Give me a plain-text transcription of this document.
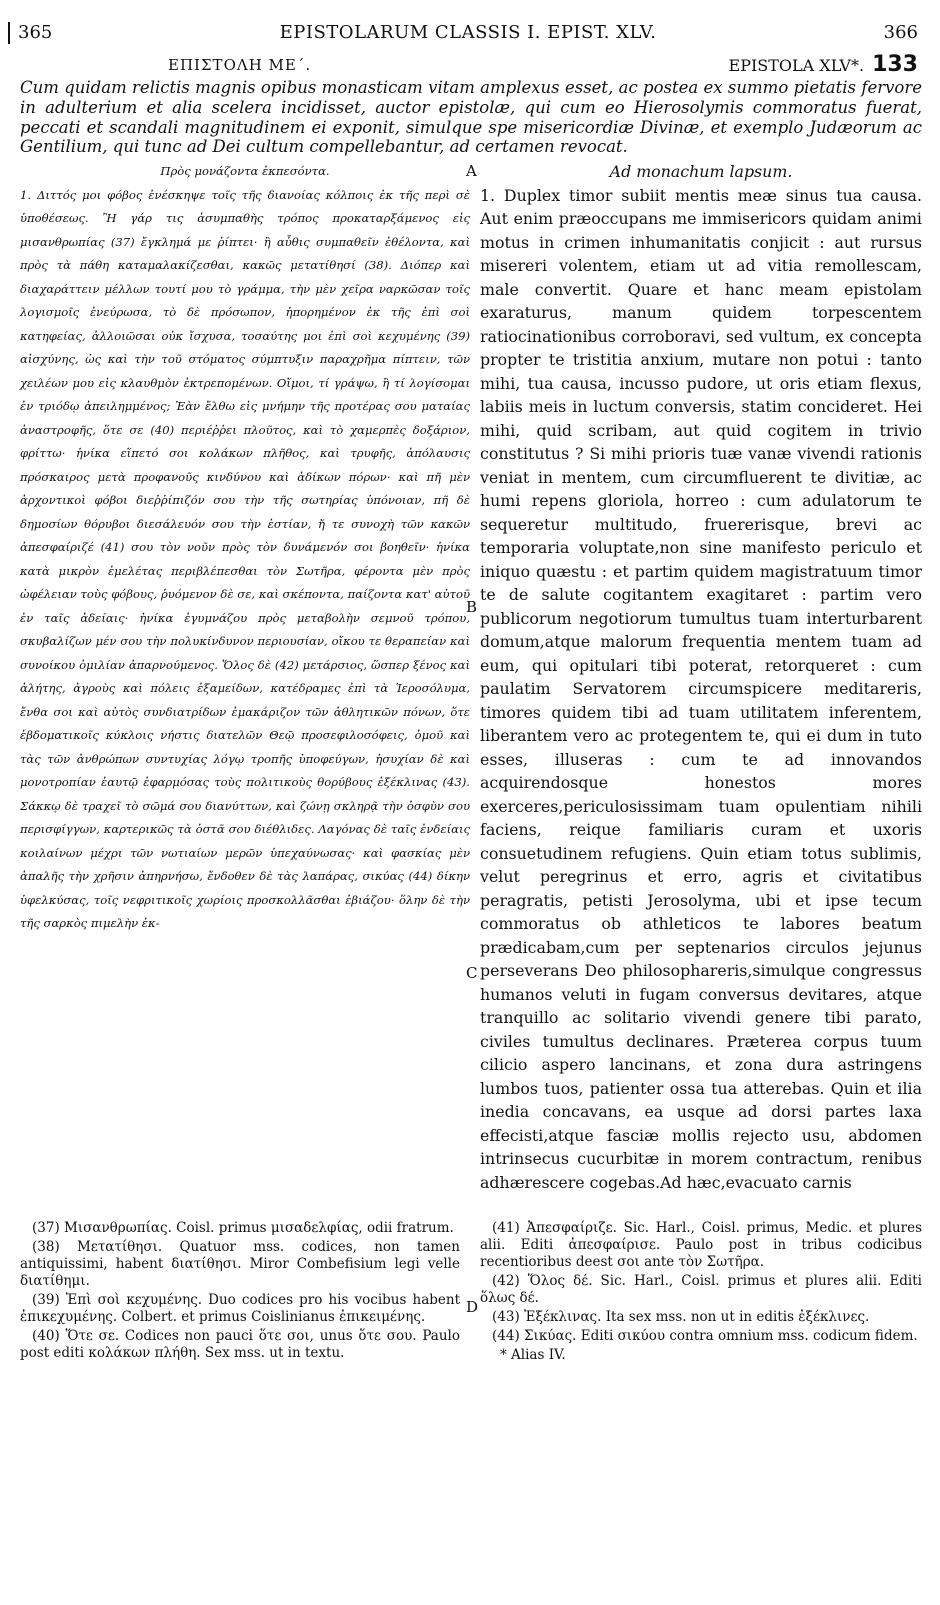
365	EPISTOLARUM CLASSIS I. EPIST. XLV.	366
ΕΠΙΣΤΟΛΗ ΜΕ΄.	EPISTOLA XLV*. 133
Cum quidam relictis magnis opibus monasticam vitam amplexus esset, ac postea ex summo pietatis fervore in adulterium et alia scelera incidisset, auctor epistolæ, qui cum eo Hierosolymis commoratus fuerat, peccati et scandali magnitudinem ei exponit, simulque spe misericordiæ Divinæ, et exemplo Judæorum ac Gentilium, qui tunc ad Dei cultum compellebantur, ad certamen revocat.
Πρὸς μονάζοντα ἐκπεσόντα.
1. Διττός μοι φόβος ἐνέσκηψε τοῖς τῆς διανοίας κόλποις ἐκ τῆς περὶ σὲ ὑποθέσεως. Ἢ γάρ τις ἀσυμπαθὴς τρόπος προκαταρξάμενος εἰς μισανθρωπίας (37) ἔγκλημά με ῥίπτει· ἢ αὖθις συμπαθεῖν ἐθέλοντα, καὶ πρὸς τὰ πάθη καταμαλακίζεσθαι, κακῶς μετατίθησί (38). Διόπερ καὶ διαχαράττειν μέλλων τουτί μου τὸ γράμμα, τὴν μὲν χεῖρα ναρκῶσαν τοῖς λογισμοῖς ἐνεύρωσα, τὸ δὲ πρόσωπον, ἠπορημένον ἐκ τῆς ἐπὶ σοὶ κατηφείας, ἀλλοιῶσαι οὐκ ἴσχυσα, τοσαύτης μοι ἐπὶ σοὶ κεχυμένης (39) αἰσχύνης, ὡς καὶ τὴν τοῦ στόματος σύμπτυξιν παραχρῆμα πίπτειν, τῶν χειλέων μου εἰς κλαυθμὸν ἐκτρεπομένων. Οἴμοι, τί γράψω, ἢ τί λογίσομαι ἐν τριόδῳ ἀπειλημμένος; Ἐὰν ἔλθω εἰς μνήμην τῆς προτέρας σου ματαίας ἀναστροφῆς, ὅτε σε (40) περιέῤῥει πλοῦτος, καὶ τὸ χαμερπὲς δοξάριον, φρίττω· ἡνίκα εἵπετό σοι κολάκων πλῆθος, καὶ τρυφῆς, ἀπόλαυσις πρόσκαιρος μετὰ προφανοῦς κινδύνου καὶ ἀδίκων πόρων· καὶ πῆ μὲν ἀρχοντικοὶ φόβοι διεῤῥίπιζόν σου τὴν τῆς σωτηρίας ὑπόνοιαν, πῆ δὲ δημοσίων θόρυβοι διεσάλευόν σου τὴν ἑστίαν, ἤ τε συνοχὴ τῶν κακῶν ἀπεσφαίριζέ (41) σου τὸν νοῦν πρὸς τὸν δυνάμενόν σοι βοηθεῖν· ἡνίκα κατὰ μικρὸν ἐμελέτας περιβλέπεσθαι τὸν Σωτῆρα, φέροντα μὲν πρὸς ὠφέλειαν τοὺς φόβους, ῥυόμενον δὲ σε, καὶ σκέποντα, παίζοντα κατ' αὐτοῦ ἐν ταῖς ἀδείαις· ἡνίκα ἐγυμνάζου πρὸς μεταβολὴν σεμνοῦ τρόπου, σκυβαλίζων μέν σου τὴν πολυκίνδυνον περιουσίαν, οἴκου τε θεραπείαν καὶ συνοίκου ὁμιλίαν ἀπαρνούμενος. Ὅλος δὲ (42) μετάρσιος, ὥσπερ ξένος καὶ ἀλήτης, ἀγροὺς καὶ πόλεις ἐξαμείδων, κατέδραμες ἐπὶ τὰ Ἱεροσόλυμα, ἔνθα σοι καὶ αὐτὸς συνδιατρίδων ἐμακάριζον τῶν ἀθλητικῶν πόνων, ὅτε ἑβδοματικοῖς κύκλοις νήστις διατελῶν Θεῷ προσεφιλοσόφεις, ὁμοῦ καὶ τὰς τῶν ἀνθρώπων συντυχίας λόγῳ τροπῆς ὑποφεύγων, ἡσυχίαν δὲ καὶ μονοτροπίαν ἑαυτῷ ἐφαρμόσας τοὺς πολιτικοὺς θορύβους ἐξέκλινας (43). Σάκκῳ δὲ τραχεῖ τὸ σῶμά σου διανύττων, καὶ ζώνῃ σκληρᾷ τὴν ὀσφὺν σου περισφίγγων, καρτερικῶς τὰ ὀστᾶ σου διέθλιδες. Λαγόνας δὲ ταῖς ἐνδείαις κοιλαίνων μέχρι τῶν νωτιαίων μερῶν ὑπεχαύνωσας· καὶ φασκίας μὲν ἁπαλῆς τὴν χρῆσιν ἀπηρνήσω, ἔνδοθεν δὲ τὰς λαπάρας, σικύας (44) δίκην ὑφελκύσας, τοῖς νεφριτικοῖς χωρίοις προσκολλᾶσθαι ἐβιάζου· ὅλην δὲ τὴν τῆς σαρκὸς πιμελὴν ἐκ-
Ad monachum lapsum.
1. Duplex timor subiit mentis meæ sinus tua causa. Aut enim præoccupans me immisericors quidam animi motus in crimen inhumanitatis conjicit : aut rursus misereri volentem, etiam ut ad vitia remollescam, male convertit. Quare et hanc meam epistolam exaraturus, manum quidem torpescentem ratiocinationibus corroboravi, sed vultum, ex concepta propter te tristitia anxium, mutare non potui : tanto mihi, tua causa, incusso pudore, ut oris etiam flexus, labiis meis in luctum conversis, statim concideret. Hei mihi, quid scribam, aut quid cogitem in trivio constitutus ? Si mihi prioris tuæ vanæ vivendi rationis veniat in mentem, cum circumfluerent te divitiæ, ac humi repens gloriola, horreo : cum adulatorum te sequeretur multitudo, fruererisque, brevi ac temporaria voluptate,non sine manifesto periculo et iniquo quæstu : et partim quidem magistratuum timor te de salute cogitantem exagitaret : partim vero publicorum negotiorum tumultus tuam interturbarent domum,atque malorum frequentia mentem tuam ad eum, qui opitulari tibi poterat, retorqueret : cum paulatim Servatorem circumspicere meditareris, timores quidem tibi ad tuam utilitatem inferentem, liberantem vero ac protegentem te, qui ei dum in tuto esses, illuseras : cum te ad innovandos acquirendosque honestos mores exerceres,periculosissimam tuam opulentiam nihili faciens, reique familiaris curam et uxoris consuetudinem refugiens. Quin etiam totus sublimis, velut peregrinus et erro, agris et civitatibus peragratis, petisti Jerosolyma, ubi et ipse tecum commoratus ob athleticos te labores beatum prædicabam,cum per septenarios circulos jejunus perseverans Deo philosophareris,simulque congressus humanos veluti in fugam conversus devitares, atque tranquillo ac solitario vivendi genere tibi parato, civiles tumultus declinares. Præterea corpus tuum cilicio aspero lancinans, et zona dura astringens lumbos tuos, patienter ossa tua atterebas. Quin et ilia inedia concavans, ea usque ad dorsi partes laxa effecisti,atque fasciæ mollis rejecto usu, abdomen intrinsecus cucurbitæ in morem contractum, renibus adhærescere cogebas.Ad hæc,evacuato carnis
A
B
C
D

(37) Μισανθρωπίας. Coisl. primus μισαδελφίας, odii fratrum.

(38) Μετατίθησι. Quatuor mss. codices, non tamen antiquissimi, habent διατίθησι. Miror Combefisium legi velle διατίθημι.

(39) Ἐπὶ σοὶ κεχυμένης. Duo codices pro his vocibus habent ἐπικεχυμένης. Colbert. et primus Coislinianus ἐπικειμένης.

(40) Ὅτε σε. Codices non pauci ὅτε σοι, unus ὅτε σου. Paulo post editi κολάκων πλήθη. Sex mss. ut in textu.

(41) Ἀπεσφαίριζε. Sic. Harl., Coisl. primus, Medic. et plures alii. Editi ἀπεσφαίρισε. Paulo post in tribus codicibus recentioribus deest σοι ante τὸν Σωτῆρα.

(42) Ὅλος δέ. Sic. Harl., Coisl. primus et plures alii. Editi ὅλως δέ.

(43) Ἐξέκλινας. Ita sex mss. non ut in editis ἐξέκλινες.

(44) Σικύας. Editi σικύου contra omnium mss. codicum fidem.

* Alias IV.
